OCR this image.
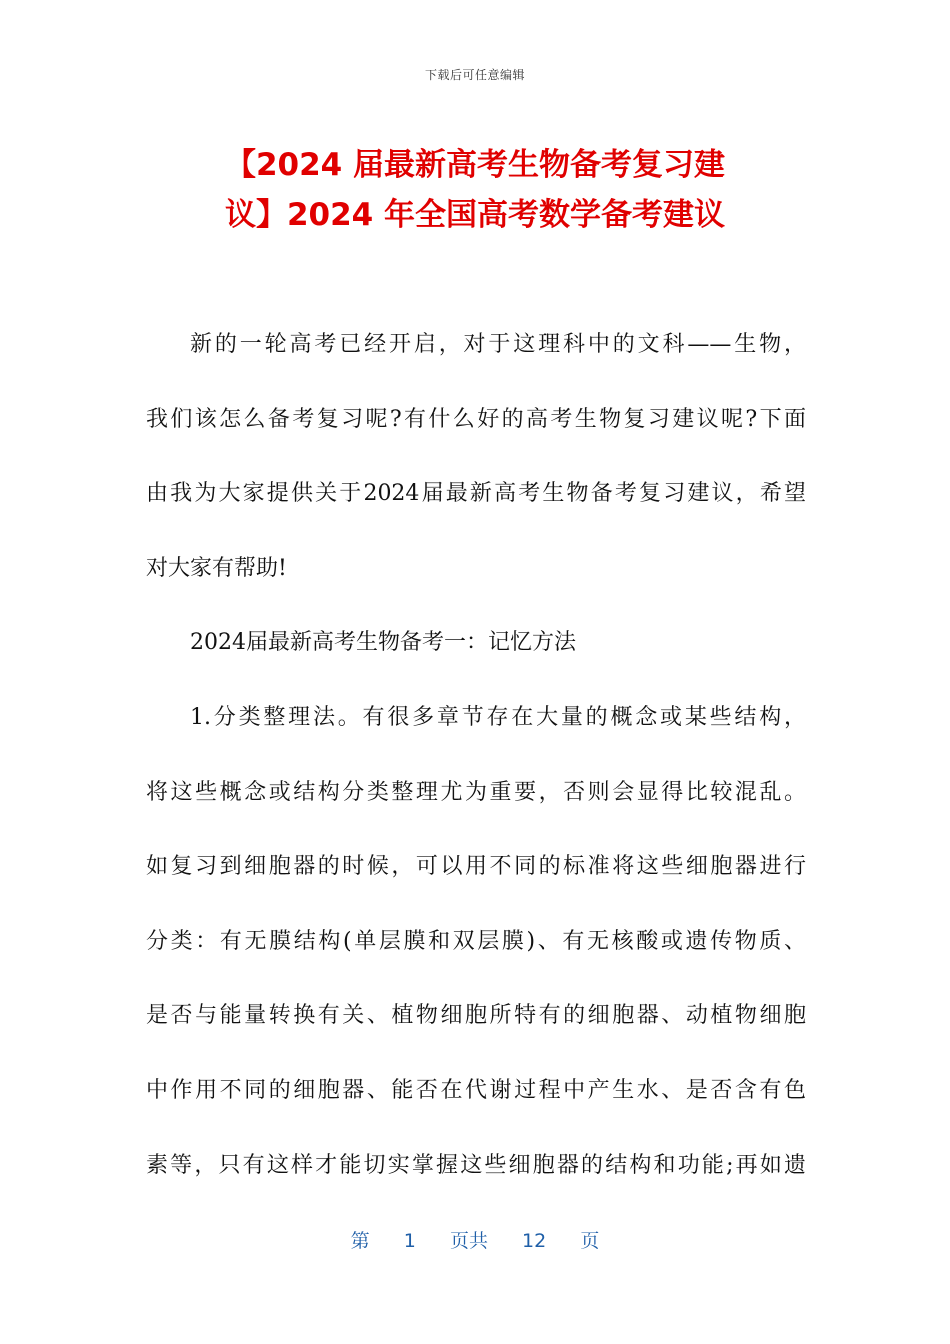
下载后可任意编辑
【2024 届最新高考生物备考复习建
议】2024 年全国高考数学备考建议
新的一轮高考已经开启，对于这理科中的文科——生物，
我们该怎么备考复习呢?有什么好的高考生物复习建议呢?下面
由我为大家提供关于2024届最新高考生物备考复习建议，希望
对大家有帮助!
2024届最新高考生物备考一：记忆方法
1.分类整理法。有很多章节存在大量的概念或某些结构，
将这些概念或结构分类整理尤为重要，否则会显得比较混乱。
如复习到细胞器的时候，可以用不同的标准将这些细胞器进行
分类：有无膜结构(单层膜和双层膜)、有无核酸或遗传物质、
是否与能量转换有关、植物细胞所特有的细胞器、动植物细胞
中作用不同的细胞器、能否在代谢过程中产生水、是否含有色
素等，只有这样才能切实掌握这些细胞器的结构和功能;再如遗
第 1 页共 12 页
